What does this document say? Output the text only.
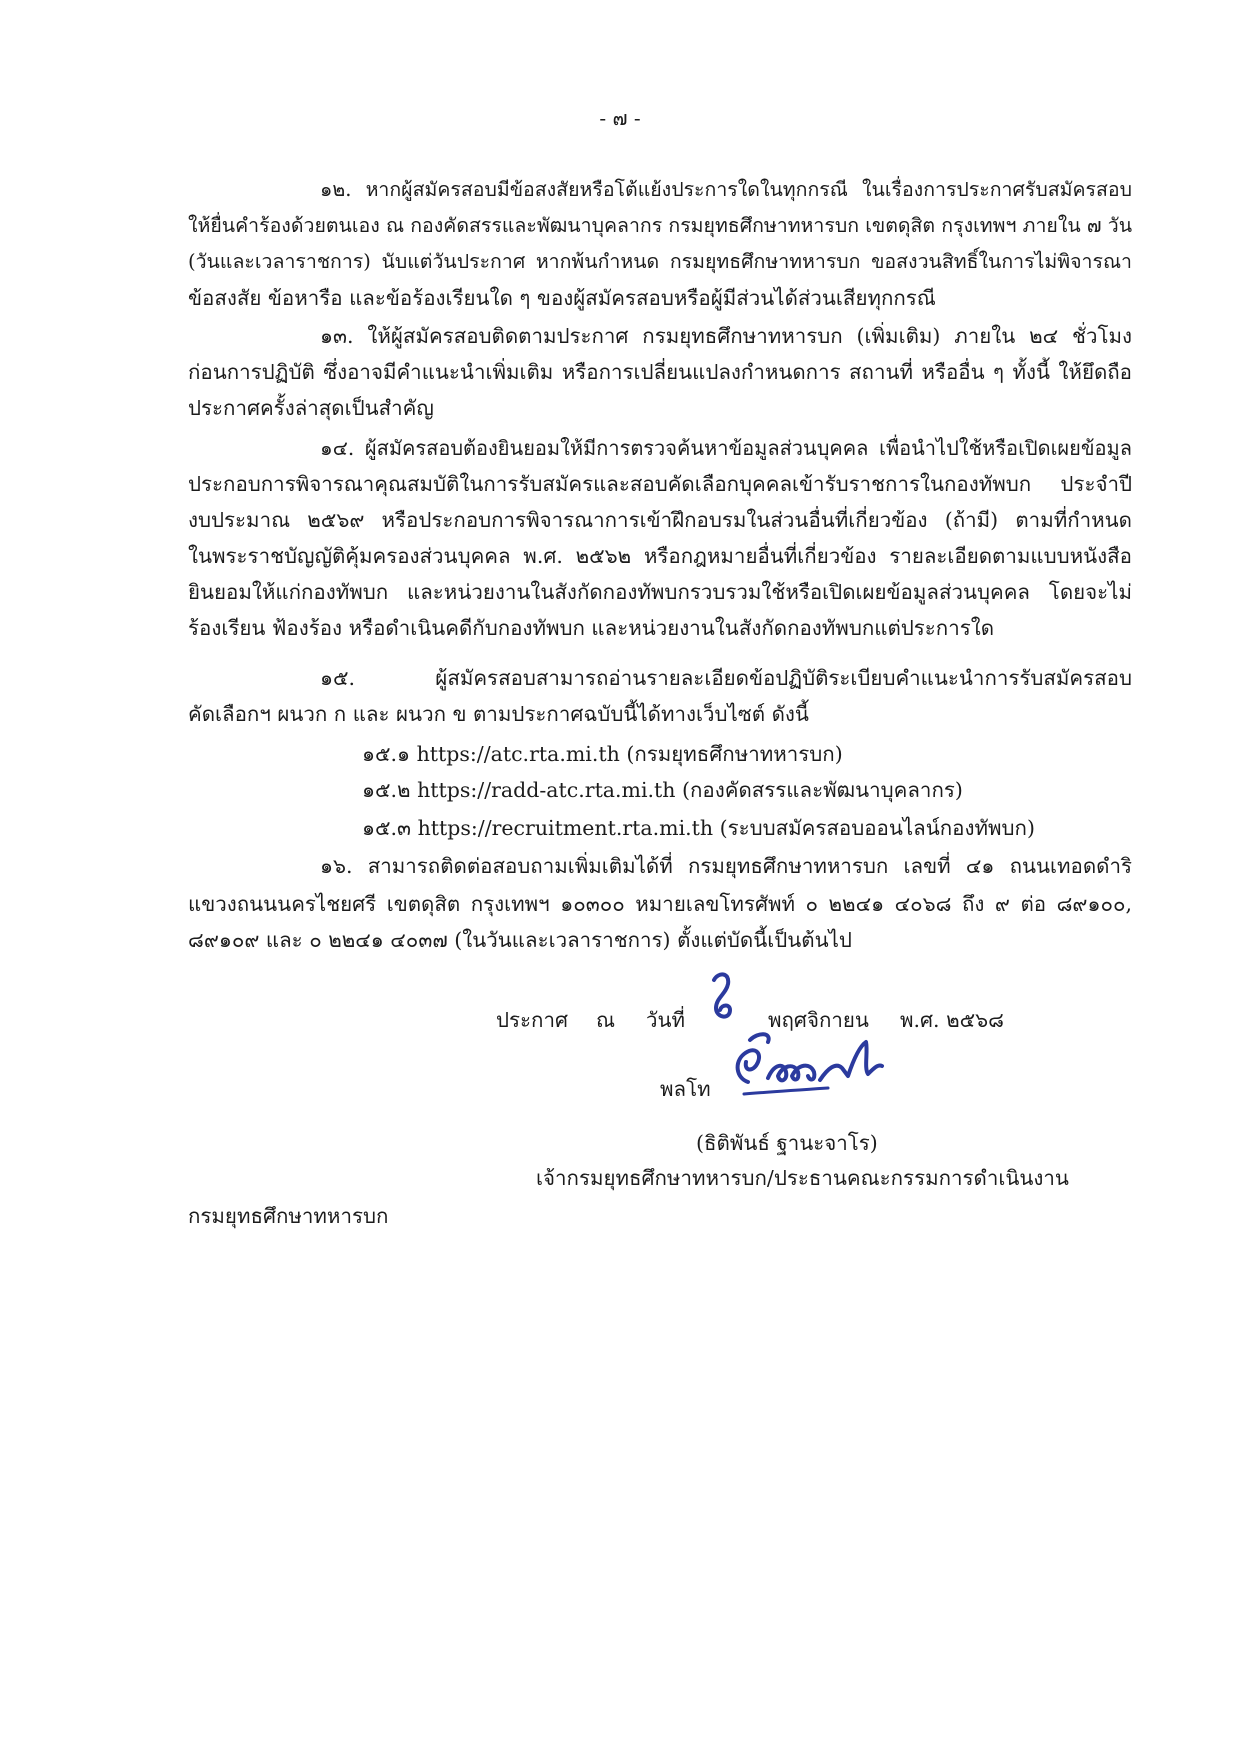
- ๗ -
๑๒. หากผู้สมัครสอบมีข้อสงสัยหรือโต้แย้งประการใดในทุกกรณี ในเรื่องการประกาศรับสมัครสอบ
ให้ยื่นคำร้องด้วยตนเอง ณ กองคัดสรรและพัฒนาบุคลากร กรมยุทธศึกษาทหารบก เขตดุสิต กรุงเทพฯ ภายใน ๗ วัน
(วันและเวลาราชการ) นับแต่วันประกาศ หากพ้นกำหนด กรมยุทธศึกษาทหารบก ขอสงวนสิทธิ์ในการไม่พิจารณา
ข้อสงสัย ข้อหารือ และข้อร้องเรียนใด ๆ ของผู้สมัครสอบหรือผู้มีส่วนได้ส่วนเสียทุกกรณี
๑๓. ให้ผู้สมัครสอบติดตามประกาศ กรมยุทธศึกษาทหารบก (เพิ่มเติม) ภายใน ๒๔ ชั่วโมง
ก่อนการปฏิบัติ ซึ่งอาจมีคำแนะนำเพิ่มเติม หรือการเปลี่ยนแปลงกำหนดการ สถานที่ หรืออื่น ๆ ทั้งนี้ ให้ยึดถือ
ประกาศครั้งล่าสุดเป็นสำคัญ
๑๔. ผู้สมัครสอบต้องยินยอมให้มีการตรวจค้นหาข้อมูลส่วนบุคคล เพื่อนำไปใช้หรือเปิดเผยข้อมูล
ประกอบการพิจารณาคุณสมบัติในการรับสมัครและสอบคัดเลือกบุคคลเข้ารับราชการในกองทัพบก ประจำปี
งบประมาณ ๒๕๖๙ หรือประกอบการพิจารณาการเข้าฝึกอบรมในส่วนอื่นที่เกี่ยวข้อง (ถ้ามี) ตามที่กำหนด
ในพระราชบัญญัติคุ้มครองส่วนบุคคล พ.ศ. ๒๕๖๒ หรือกฎหมายอื่นที่เกี่ยวข้อง รายละเอียดตามแบบหนังสือ
ยินยอมให้แก่กองทัพบก และหน่วยงานในสังกัดกองทัพบกรวบรวมใช้หรือเปิดเผยข้อมูลส่วนบุคคล โดยจะไม่
ร้องเรียน ฟ้องร้อง หรือดำเนินคดีกับกองทัพบก และหน่วยงานในสังกัดกองทัพบกแต่ประการใด
๑๕. ผู้สมัครสอบสามารถอ่านรายละเอียดข้อปฏิบัติระเบียบคำแนะนำการรับสมัครสอบ
คัดเลือกฯ ผนวก ก และ ผนวก ข ตามประกาศฉบับนี้ได้ทางเว็บไซต์ ดังนี้
๑๕.๑ https://atc.rta.mi.th (กรมยุทธศึกษาทหารบก)
๑๕.๒ https://radd-atc.rta.mi.th (กองคัดสรรและพัฒนาบุคลากร)
๑๕.๓ https://recruitment.rta.mi.th (ระบบสมัครสอบออนไลน์กองทัพบก)
๑๖. สามารถติดต่อสอบถามเพิ่มเติมได้ที่ กรมยุทธศึกษาทหารบก เลขที่ ๔๑ ถนนเทอดดำริ
แขวงถนนนครไชยศรี เขตดุสิต กรุงเทพฯ ๑๐๓๐๐ หมายเลขโทรศัพท์ ๐ ๒๒๔๑ ๔๐๖๘ ถึง ๙ ต่อ ๘๙๑๐๐,
๘๙๑๐๙ และ ๐ ๒๒๔๑ ๔๐๓๗ (ในวันและเวลาราชการ) ตั้งแต่บัดนี้เป็นต้นไป
ประกาศ ณ วันที่	พฤศจิกายน พ.ศ. ๒๕๖๘
พลโท
(ธิติพันธ์ ฐานะจาโร)
เจ้ากรมยุทธศึกษาทหารบก/ประธานคณะกรรมการดำเนินงาน
กรมยุทธศึกษาทหารบก
